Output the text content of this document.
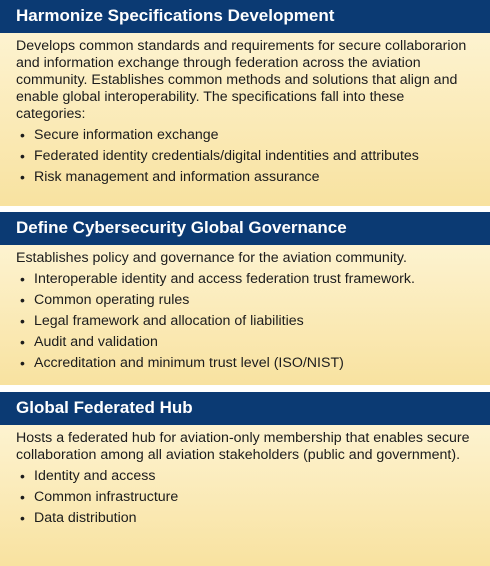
Harmonize Specifications Development

Develops common standards and requirements for secure collaborarion and information exchange through federation across the aviation community. Establishes common methods and solutions that align and enable global interoperability. The specifications fall into these categories:

• Secure information exchange
• Federated identity credentials/digital indentities and attributes
• Risk management and information assurance
Define Cybersecurity Global Governance

Establishes policy and governance for the aviation community.

• Interoperable identity and access federation trust framework.
• Common operating rules
• Legal framework and allocation of liabilities
• Audit and validation
• Accreditation and minimum trust level (ISO/NIST)
Global Federated Hub

Hosts a federated hub for aviation-only membership that enables secure collaboration among all aviation stakeholders (public and government).

• Identity and access
• Common infrastructure
• Data distribution
